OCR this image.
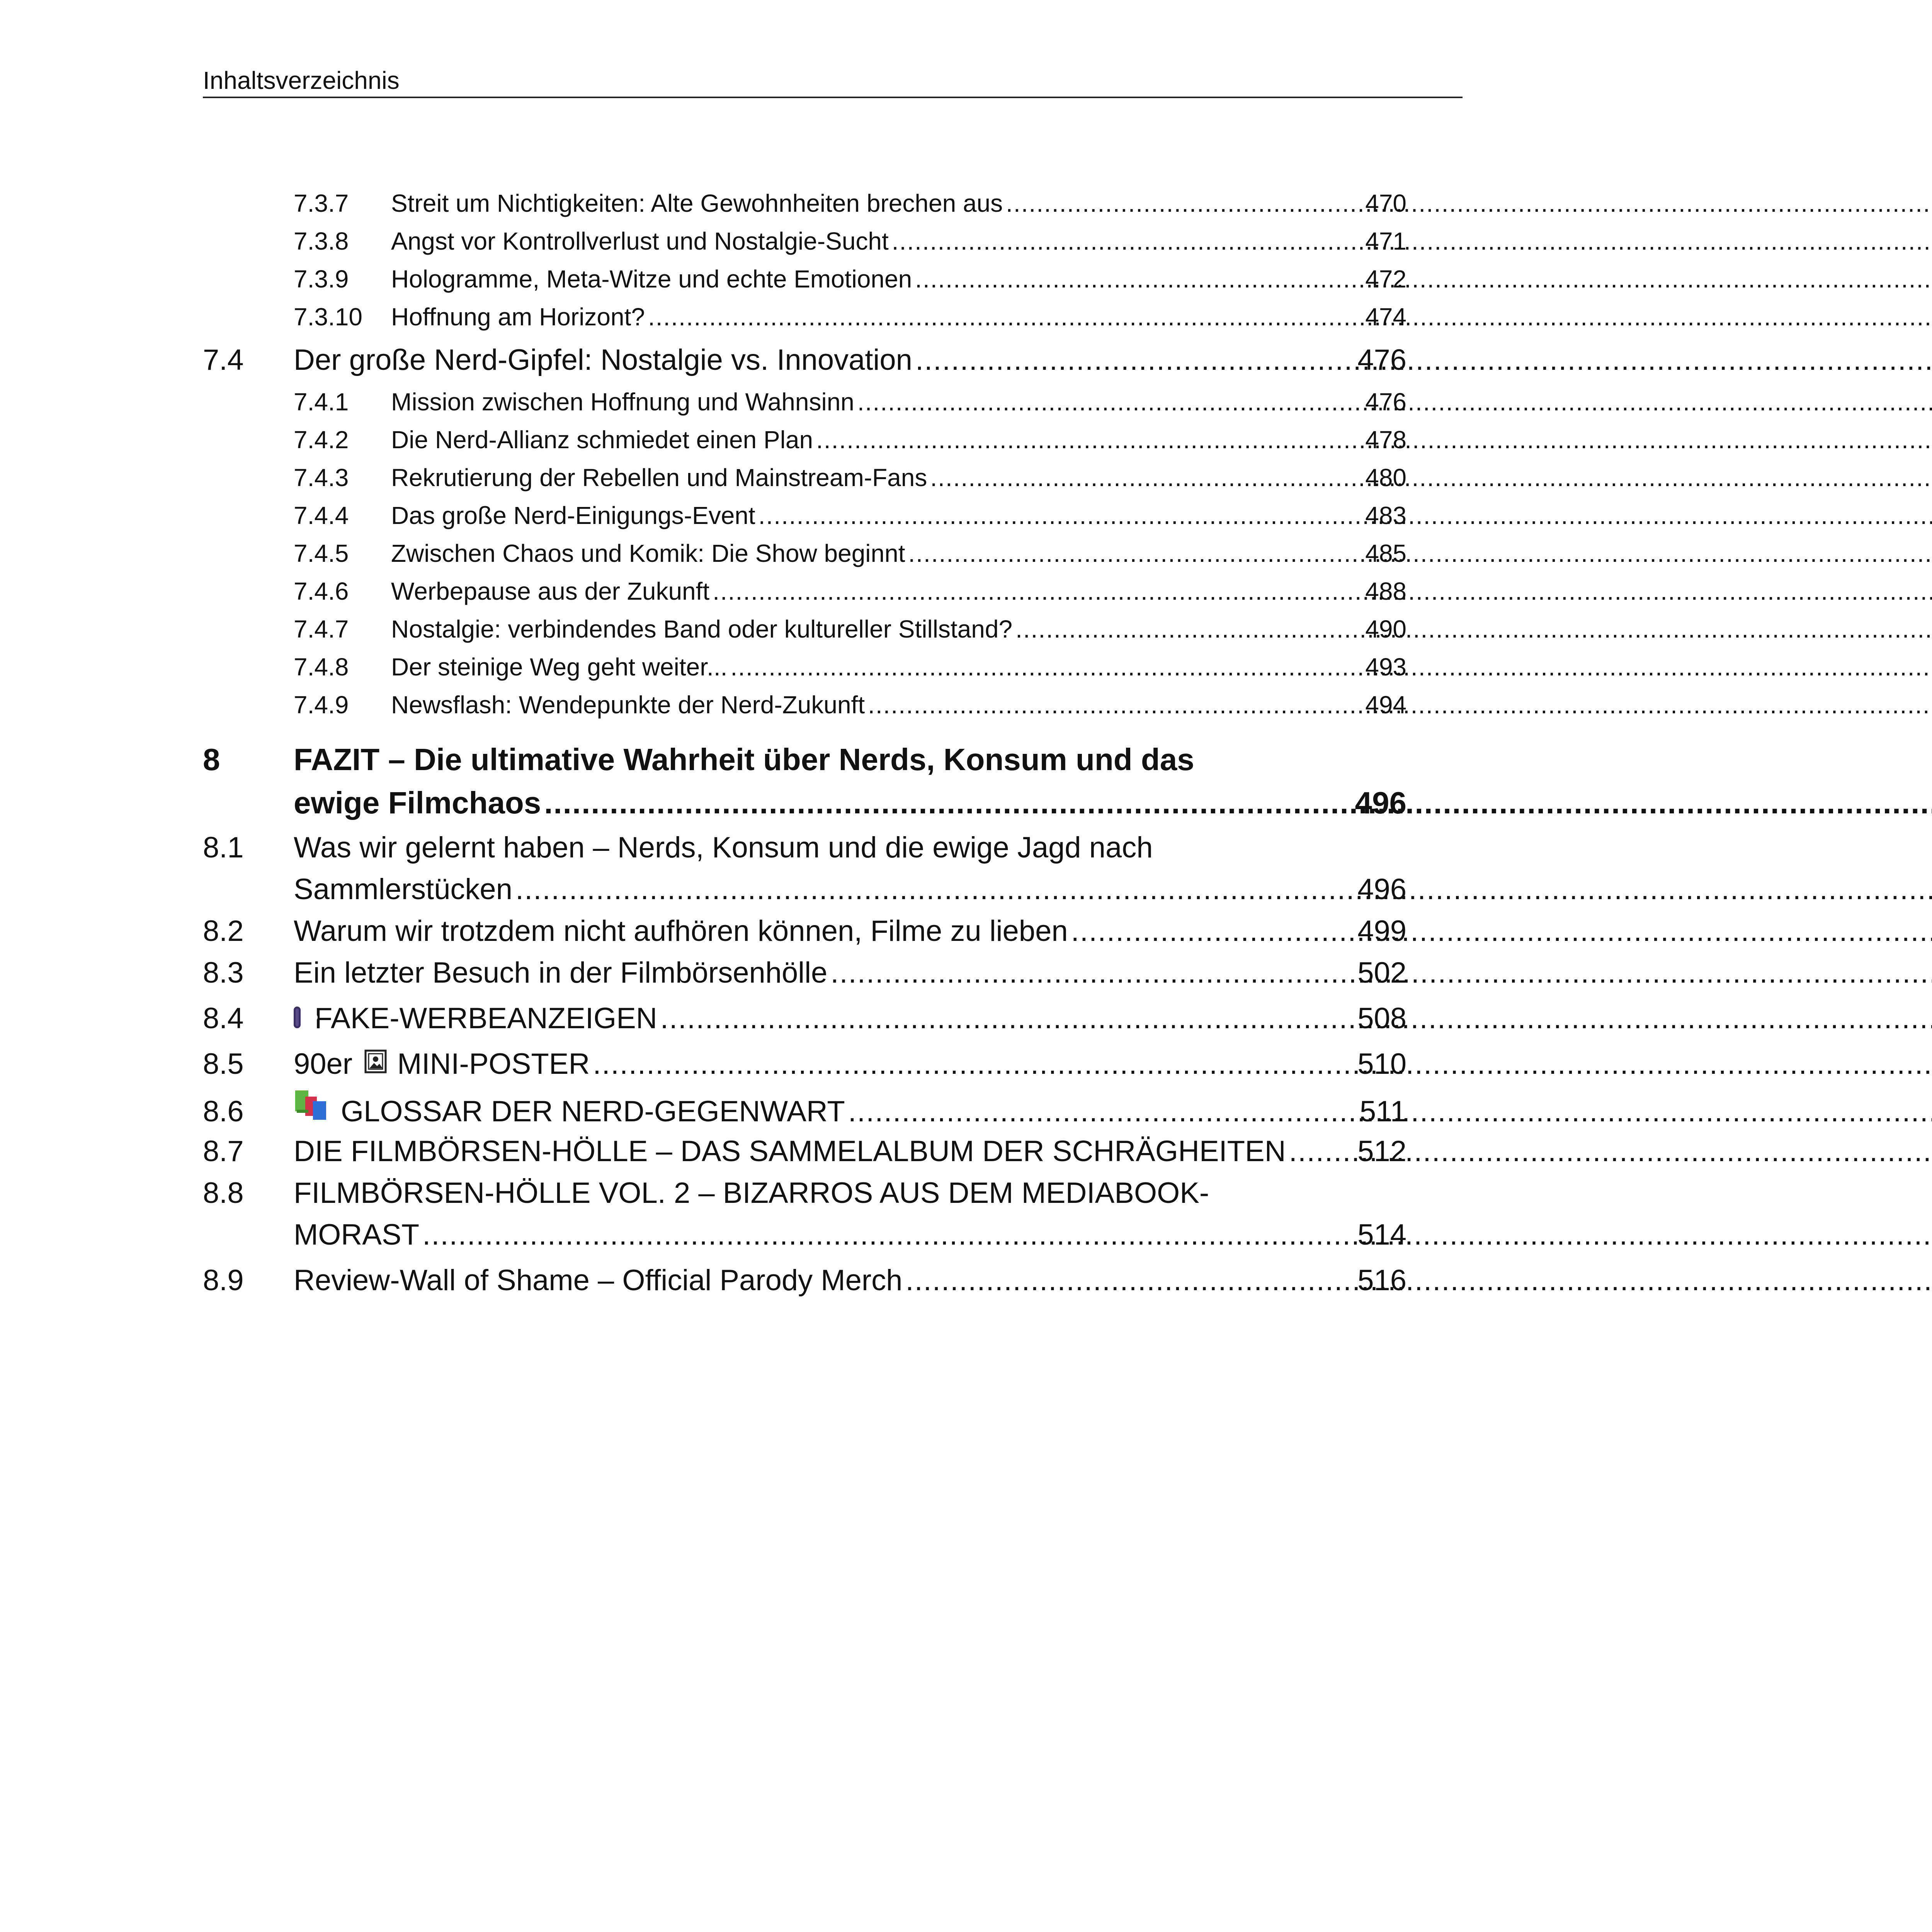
Inhaltsverzeichnis
7.3.7	Streit um Nichtigkeiten: Alte Gewohnheiten brechen aus .....	470
7.3.8	Angst vor Kontrollverlust und Nostalgie-Sucht .....	471
7.3.9	Hologramme, Meta-Witze und echte Emotionen .....	472
7.3.10	Hoffnung am Horizont? .....	474
7.4	Der große Nerd-Gipfel: Nostalgie vs. Innovation .....	476
7.4.1	Mission zwischen Hoffnung und Wahnsinn .....	476
7.4.2	Die Nerd-Allianz schmiedet einen Plan .....	478
7.4.3	Rekrutierung der Rebellen und Mainstream-Fans .....	480
7.4.4	Das große Nerd-Einigungs-Event .....	483
7.4.5	Zwischen Chaos und Komik: Die Show beginnt .....	485
7.4.6	Werbepause aus der Zukunft .....	488
7.4.7	Nostalgie: verbindendes Band oder kultureller Stillstand? .....	490
7.4.8	Der steinige Weg geht weiter... .....	493
7.4.9	Newsflash: Wendepunkte der Nerd-Zukunft .....	494
8	FAZIT – Die ultimative Wahrheit über Nerds, Konsum und das
ewige Filmchaos .....	496
8.1	Was wir gelernt haben – Nerds, Konsum und die ewige Jagd nach
Sammlerstücken .....	496
8.2	Warum wir trotzdem nicht aufhören können, Filme zu lieben .....	499
8.3	Ein letzter Besuch in der Filmbörsenhölle .....	502
8.4	FAKE-WERBEANZEIGEN .....	508
8.5	90er MINI-POSTER .....	510
8.6	GLOSSAR DER NERD-GEGENWART .....	511
8.7	DIE FILMBÖRSEN-HÖLLE – DAS SAMMELALBUM DER SCHRÄGHEITEN ..... 512
8.8	FILMBÖRSEN-HÖLLE VOL. 2 – BIZARROS AUS DEM MEDIABOOK-
MORAST .....	514
8.9	Review-Wall of Shame – Official Parody Merch .....	516
